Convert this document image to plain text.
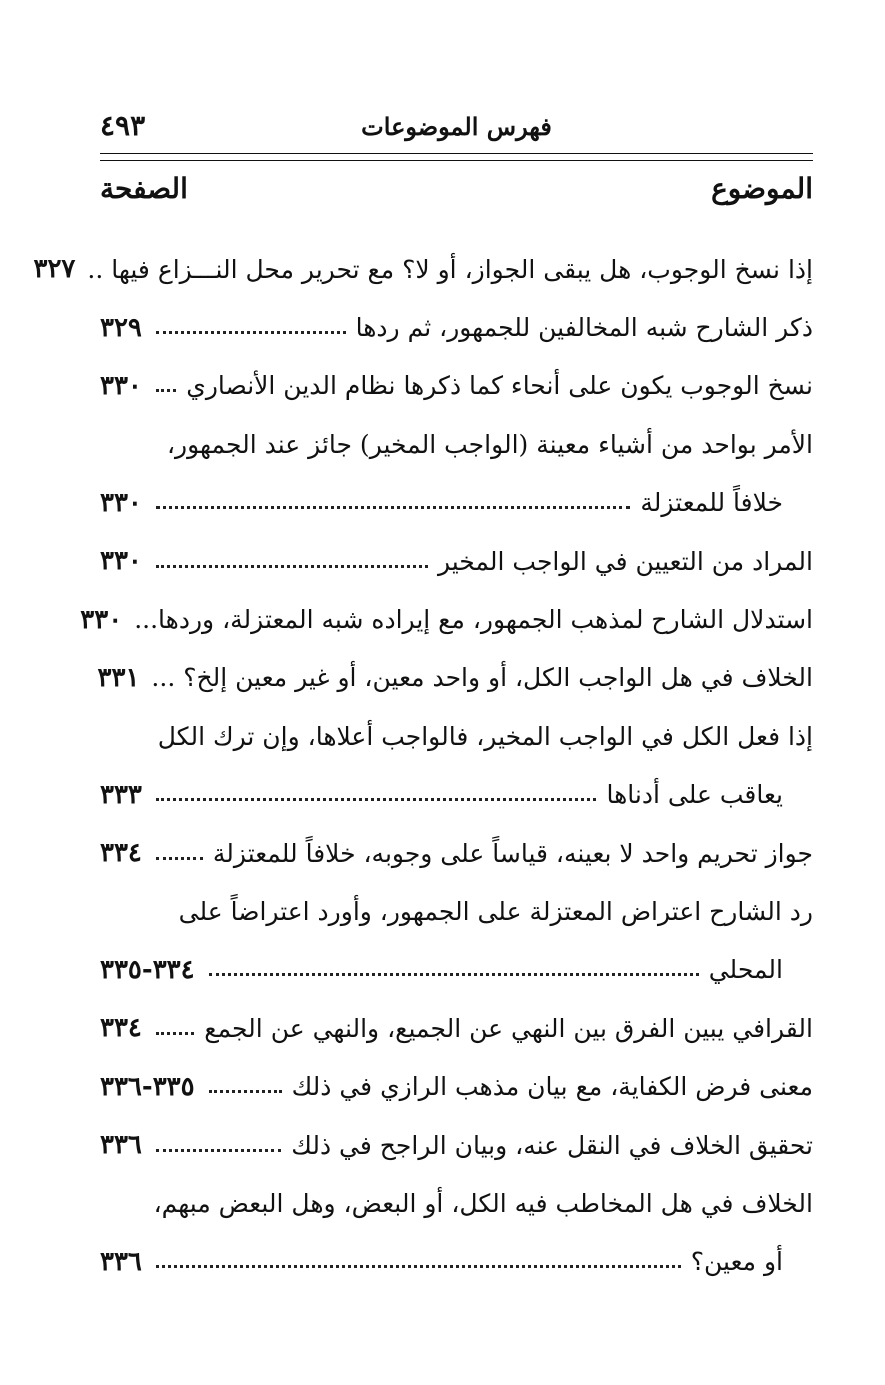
فهرس الموضوعات
٤٩٣
الموضوع
الصفحة
إذا نسخ الوجوب، هل يبقى الجواز، أو لا؟ مع تحرير محل النـــزاع فيها ..
٣٢٧
ذكر الشارح شبه المخالفين للجمهور، ثم ردها
٣٢٩
نسخ الوجوب يكون على أنحاء كما ذكرها نظام الدين الأنصاري
٣٣٠
الأمر بواحد من أشياء معينة (الواجب المخير) جائز عند الجمهور،
خلافاً للمعتزلة
٣٣٠
المراد من التعيين في الواجب المخير
٣٣٠
استدلال الشارح لمذهب الجمهور، مع إيراده شبه المعتزلة، وردها...
٣٣٠
الخلاف في هل الواجب الكل، أو واحد معين، أو غير معين إلخ؟ ...
٣٣١
إذا فعل الكل في الواجب المخير، فالواجب أعلاها، وإن ترك الكل
يعاقب على أدناها
٣٣٣
جواز تحريم واحد لا بعينه، قياساً على وجوبه، خلافاً للمعتزلة
٣٣٤
رد الشارح اعتراض المعتزلة على الجمهور، وأورد اعتراضاً على
المحلي
٣٣٤-٣٣٥
القرافي يبين الفرق بين النهي عن الجميع، والنهي عن الجمع
٣٣٤
معنى فرض الكفاية، مع بيان مذهب الرازي في ذلك
٣٣٥-٣٣٦
تحقيق الخلاف في النقل عنه، وبيان الراجح في ذلك
٣٣٦
الخلاف في هل المخاطب فيه الكل، أو البعض، وهل البعض مبهم،
أو معين؟
٣٣٦
